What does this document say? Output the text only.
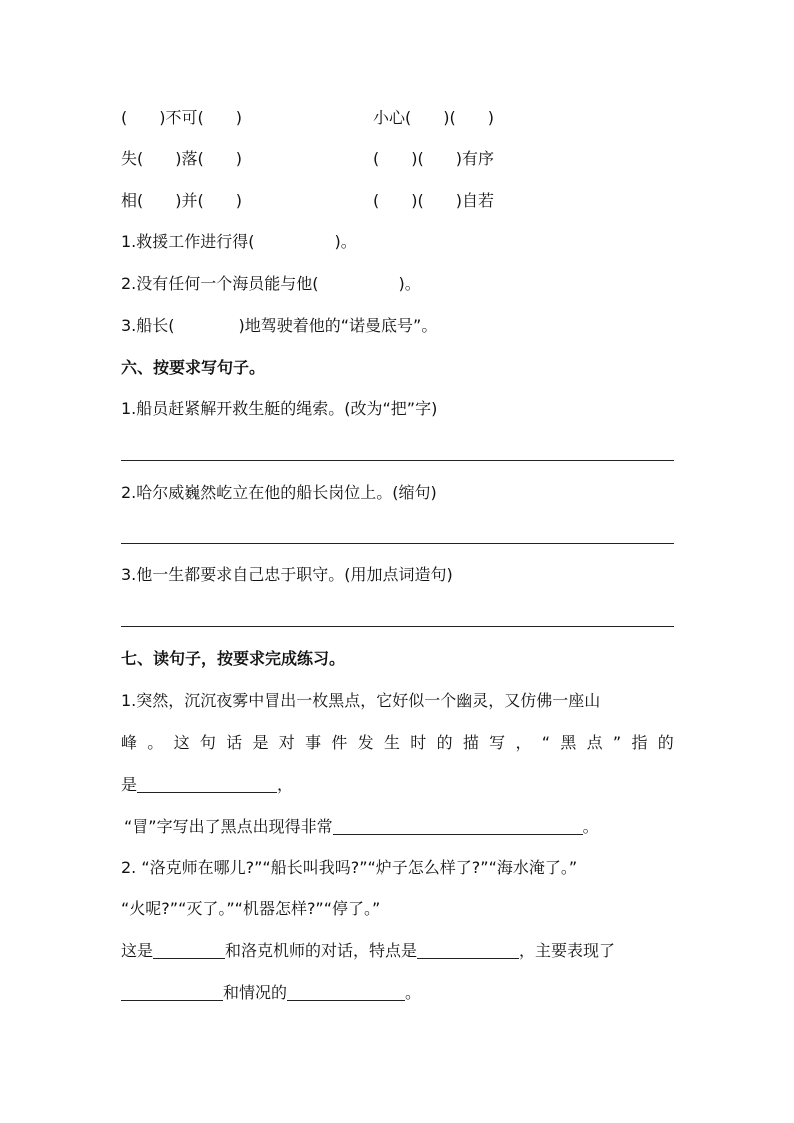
(　　)不可(　　)	小心(　　)(　　)
失(　　)落(　　)	(　　)(　　)有序
相(　　)并(　　)	(　　)(　　)自若
1.救援工作进行得(　　　　　)。
2.没有任何一个海员能与他(　　　　　)。
3.船长(　　　　)地驾驶着他的“诺曼底号”。
六、按要求写句子。
1.船员赶紧解开救生艇的绳索。(改为“把”字)
2.哈尔威巍然屹立在他的船长岗位上。(缩句)
3.他一生都要求自己忠于职守。(用加点词造句)
七、读句子，按要求完成练习。
1.突然，沉沉夜雾中冒出一枚黑点，它好似一个幽灵，又仿佛一座山
峰 。 这 句 话 是 对 事 件 发 生 时 的 描 写 ， “ 黑 点 ” 指 的
是	，
“冒”字写出了黑点出现得非常	。
2. “洛克师在哪儿?”“船长叫我吗?”“炉子怎么样了?”“海水淹了。”
“火呢?”“灭了。”“机器怎样?”“停了。”
这是	和洛克机师的对话，特点是	，主要表现了
和情况的	。
